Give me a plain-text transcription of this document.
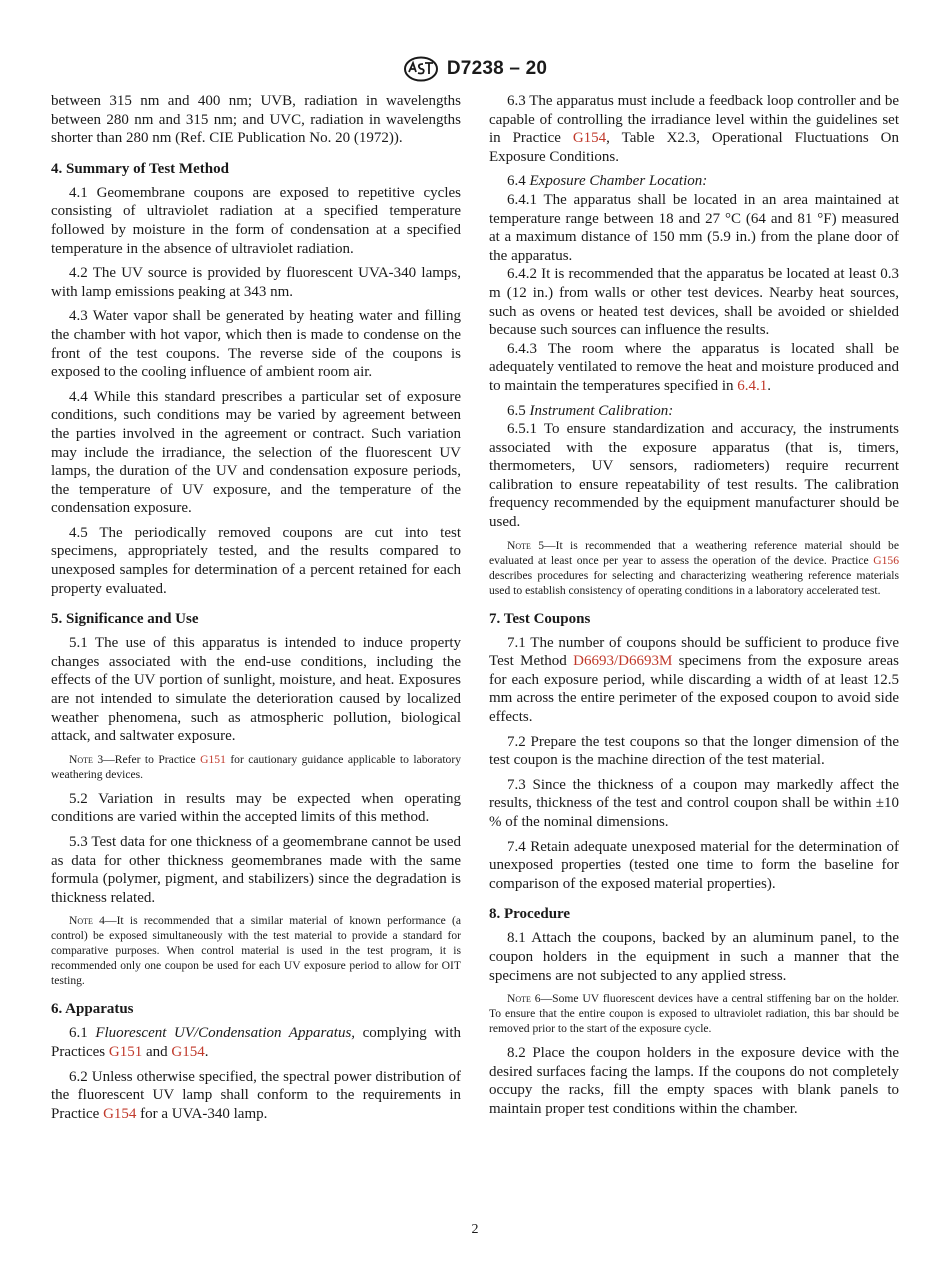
D7238 – 20

between 315 nm and 400 nm; UVB, radiation in wavelengths between 280 nm and 315 nm; and UVC, radiation in wavelengths shorter than 280 nm (Ref. CIE Publication No. 20 (1972)).

4. Summary of Test Method

4.1 Geomembrane coupons are exposed to repetitive cycles consisting of ultraviolet radiation at a specified temperature followed by moisture in the form of condensation at a specified temperature in the absence of ultraviolet radiation.

4.2 The UV source is provided by fluorescent UVA-340 lamps, with lamp emissions peaking at 343 nm.

4.3 Water vapor shall be generated by heating water and filling the chamber with hot vapor, which then is made to condense on the front of the test coupons. The reverse side of the coupons is exposed to the cooling influence of ambient room air.

4.4 While this standard prescribes a particular set of exposure conditions, such conditions may be varied by agreement between the parties involved in the agreement or contract. Such variation may include the irradiance, the selection of the fluorescent UV lamps, the duration of the UV and condensation exposure periods, the temperature of UV exposure, and the temperature of the condensation exposure.

4.5 The periodically removed coupons are cut into test specimens, appropriately tested, and the results compared to unexposed samples for determination of a percent retained for each property evaluated.

5. Significance and Use

5.1 The use of this apparatus is intended to induce property changes associated with the end-use conditions, including the effects of the UV portion of sunlight, moisture, and heat. Exposures are not intended to simulate the deterioration caused by localized weather phenomena, such as atmospheric pollution, biological attack, and saltwater exposure.

Note 3—Refer to Practice G151 for cautionary guidance applicable to laboratory weathering devices.

5.2 Variation in results may be expected when operating conditions are varied within the accepted limits of this method.

5.3 Test data for one thickness of a geomembrane cannot be used as data for other thickness geomembranes made with the same formula (polymer, pigment, and stabilizers) since the degradation is thickness related.

Note 4—It is recommended that a similar material of known performance (a control) be exposed simultaneously with the test material to provide a standard for comparative purposes. When control material is used in the test program, it is recommended only one coupon be used for each UV exposure period to allow for OIT testing.

6. Apparatus

6.1 Fluorescent UV/Condensation Apparatus, complying with Practices G151 and G154.

6.2 Unless otherwise specified, the spectral power distribution of the fluorescent UV lamp shall conform to the requirements in Practice G154 for a UVA-340 lamp.

6.3 The apparatus must include a feedback loop controller and be capable of controlling the irradiance level within the guidelines set in Practice G154, Table X2.3, Operational Fluctuations On Exposure Conditions.

6.4 Exposure Chamber Location:

6.4.1 The apparatus shall be located in an area maintained at temperature range between 18 and 27 °C (64 and 81 °F) measured at a maximum distance of 150 mm (5.9 in.) from the plane door of the apparatus.

6.4.2 It is recommended that the apparatus be located at least 0.3 m (12 in.) from walls or other test devices. Nearby heat sources, such as ovens or heated test devices, shall be avoided or shielded because such sources can influence the results.

6.4.3 The room where the apparatus is located shall be adequately ventilated to remove the heat and moisture produced and to maintain the temperatures specified in 6.4.1.

6.5 Instrument Calibration:

6.5.1 To ensure standardization and accuracy, the instruments associated with the exposure apparatus (that is, timers, thermometers, UV sensors, radiometers) require recurrent calibration to ensure repeatability of test results. The calibration frequency recommended by the equipment manufacturer should be used.

Note 5—It is recommended that a weathering reference material should be evaluated at least once per year to assess the operation of the device. Practice G156 describes procedures for selecting and characterizing weathering reference materials used to establish consistency of operating conditions in a laboratory accelerated test.

7. Test Coupons

7.1 The number of coupons should be sufficient to produce five Test Method D6693/D6693M specimens from the exposure areas for each exposure period, while discarding a width of at least 12.5 mm across the entire perimeter of the exposed coupon to avoid side effects.

7.2 Prepare the test coupons so that the longer dimension of the test coupon is the machine direction of the test material.

7.3 Since the thickness of a coupon may markedly affect the results, thickness of the test and control coupon shall be within ±10 % of the nominal dimensions.

7.4 Retain adequate unexposed material for the determination of unexposed properties (tested one time to form the baseline for comparison of the exposed material properties).

8. Procedure

8.1 Attach the coupons, backed by an aluminum panel, to the coupon holders in the equipment in such a manner that the specimens are not subjected to any applied stress.

Note 6—Some UV fluorescent devices have a central stiffening bar on the holder. To ensure that the entire coupon is exposed to ultraviolet radiation, this bar should be removed prior to the start of the exposure cycle.

8.2 Place the coupon holders in the exposure device with the desired surfaces facing the lamps. If the coupons do not completely occupy the racks, fill the empty spaces with blank panels to maintain proper test conditions within the chamber.

2
